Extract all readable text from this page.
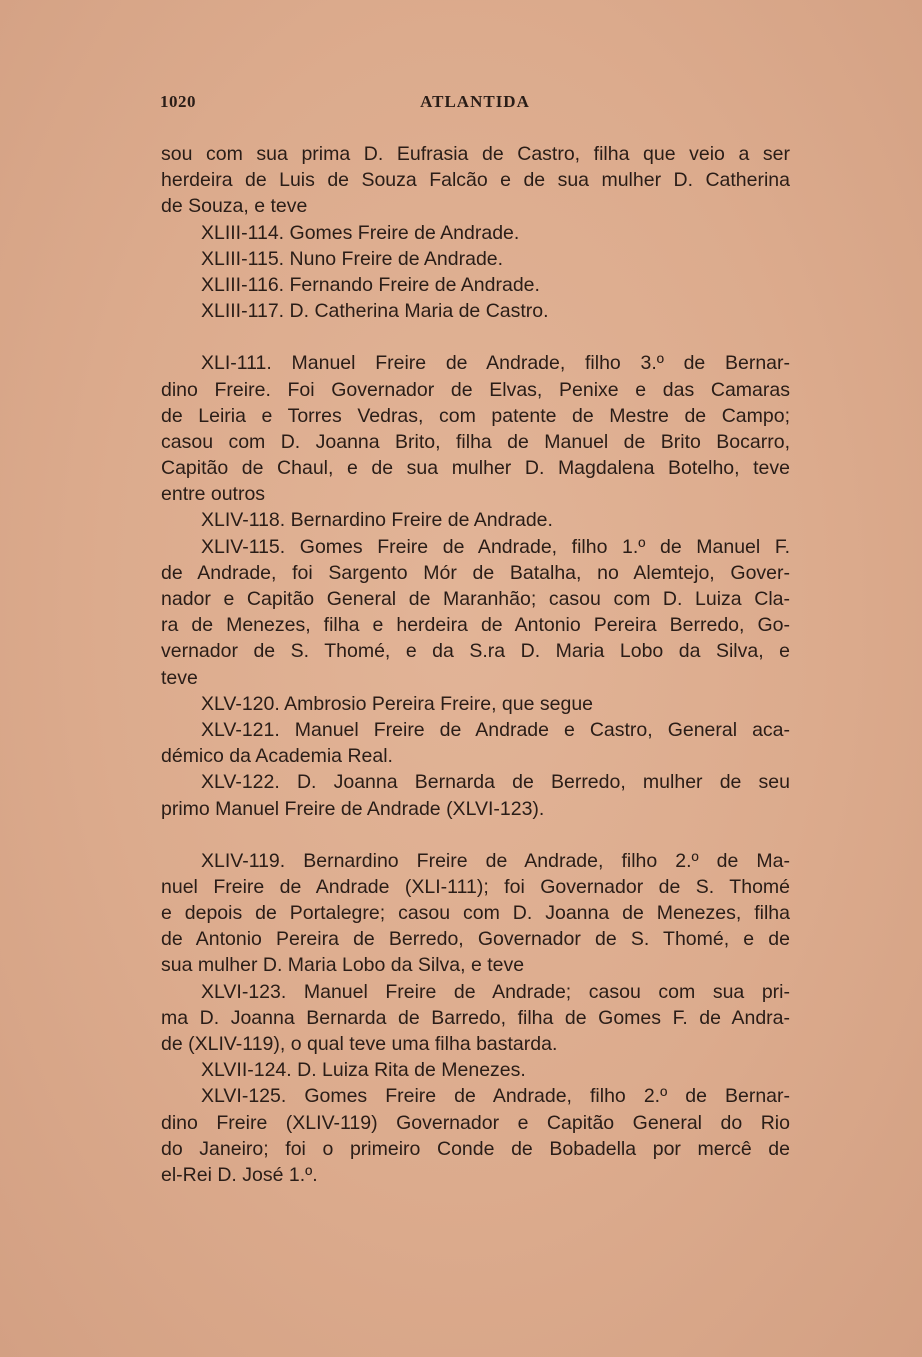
1020	ATLANTIDA
sou com sua prima D. Eufrasia de Castro, filha que veio a ser
herdeira de Luis de Souza Falcão e de sua mulher D. Catherina
de Souza, e teve
XLIII-114. Gomes Freire de Andrade.
XLIII-115. Nuno Freire de Andrade.
XLIII-116. Fernando Freire de Andrade.
XLIII-117. D. Catherina Maria de Castro.
XLI-111. Manuel Freire de Andrade, filho 3.º de Bernar-
dino Freire. Foi Governador de Elvas, Penixe e das Camaras
de Leiria e Torres Vedras, com patente de Mestre de Campo;
casou com D. Joanna Brito, filha de Manuel de Brito Bocarro,
Capitão de Chaul, e de sua mulher D. Magdalena Botelho, teve
entre outros
XLIV-118. Bernardino Freire de Andrade.
XLIV-115. Gomes Freire de Andrade, filho 1.º de Manuel F.
de Andrade, foi Sargento Mór de Batalha, no Alemtejo, Gover-
nador e Capitão General de Maranhão; casou com D. Luiza Cla-
ra de Menezes, filha e herdeira de Antonio Pereira Berredo, Go-
vernador de S. Thomé, e da S.ra D. Maria Lobo da Silva, e
teve
XLV-120. Ambrosio Pereira Freire, que segue
XLV-121. Manuel Freire de Andrade e Castro, General aca-
démico da Academia Real.
XLV-122. D. Joanna Bernarda de Berredo, mulher de seu
primo Manuel Freire de Andrade (XLVI-123).
XLIV-119. Bernardino Freire de Andrade, filho 2.º de Ma-
nuel Freire de Andrade (XLI-111); foi Governador de S. Thomé
e depois de Portalegre; casou com D. Joanna de Menezes, filha
de Antonio Pereira de Berredo, Governador de S. Thomé, e de
sua mulher D. Maria Lobo da Silva, e teve
XLVI-123. Manuel Freire de Andrade; casou com sua pri-
ma D. Joanna Bernarda de Barredo, filha de Gomes F. de Andra-
de (XLIV-119), o qual teve uma filha bastarda.
XLVII-124. D. Luiza Rita de Menezes.
XLVI-125. Gomes Freire de Andrade, filho 2.º de Bernar-
dino Freire (XLIV-119) Governador e Capitão General do Rio
do Janeiro; foi o primeiro Conde de Bobadella por mercê de
el-Rei D. José 1.º.
